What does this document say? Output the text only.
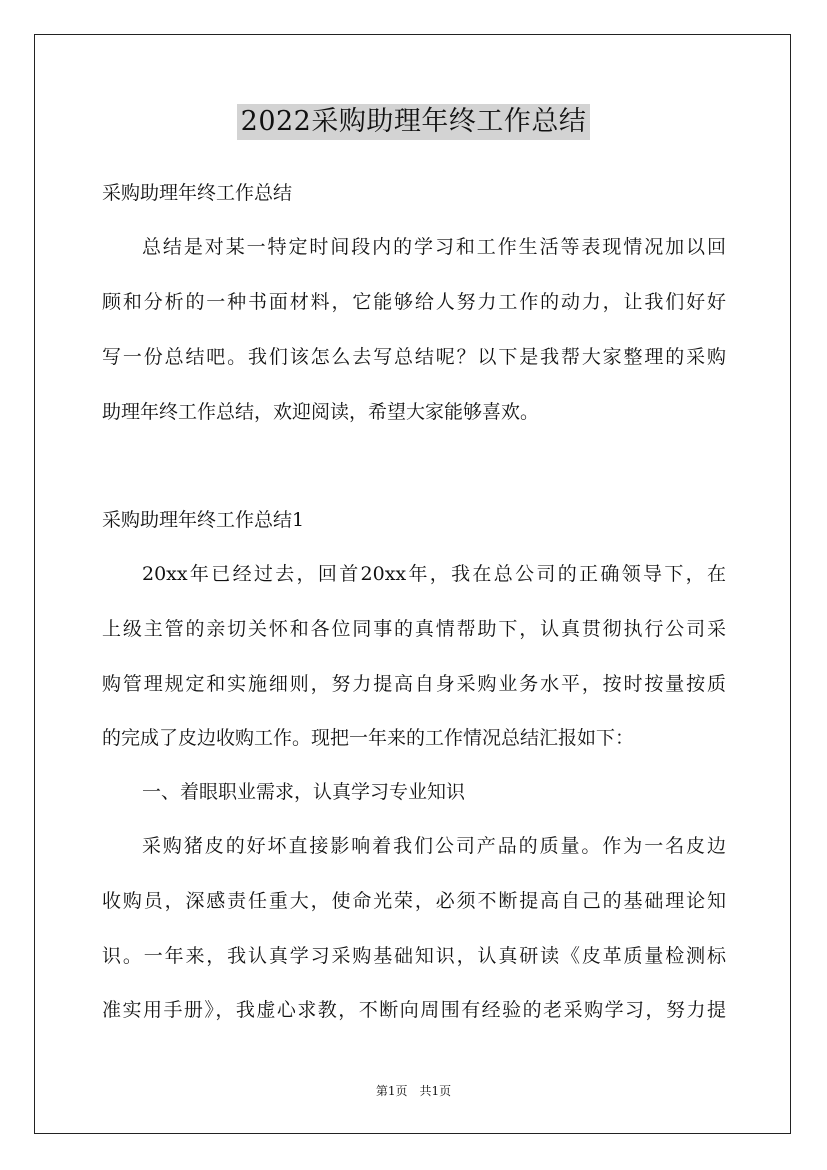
2022采购助理年终工作总结
采购助理年终工作总结
总结是对某一特定时间段内的学习和工作生活等表现情况加以回
顾和分析的一种书面材料，它能够给人努力工作的动力，让我们好好
写一份总结吧。我们该怎么去写总结呢？以下是我帮大家整理的采购
助理年终工作总结，欢迎阅读，希望大家能够喜欢。
采购助理年终工作总结1
20xx年已经过去，回首20xx年，我在总公司的正确领导下，在
上级主管的亲切关怀和各位同事的真情帮助下，认真贯彻执行公司采
购管理规定和实施细则，努力提高自身采购业务水平，按时按量按质
的完成了皮边收购工作。现把一年来的工作情况总结汇报如下：
一、着眼职业需求，认真学习专业知识
采购猪皮的好坏直接影响着我们公司产品的质量。作为一名皮边
收购员，深感责任重大，使命光荣，必须不断提高自己的基础理论知
识。一年来，我认真学习采购基础知识，认真研读《皮革质量检测标
准实用手册》，我虚心求教，不断向周围有经验的老采购学习，努力提
第1页　共1页
